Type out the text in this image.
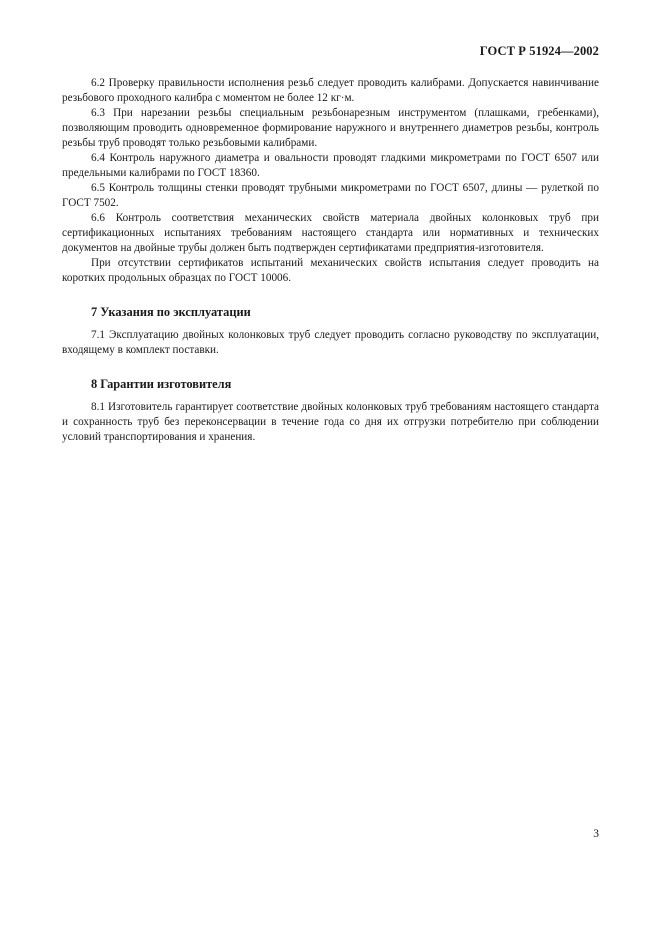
ГОСТ Р 51924—2002

6.2 Проверку правильности исполнения резьб следует проводить калибрами. Допускается навинчивание резьбового проходного калибра с моментом не более 12 кг·м.

6.3 При нарезании резьбы специальным резьбонарезным инструментом (плашками, гребенками), позволяющим проводить одновременное формирование наружного и внутреннего диаметров резьбы, контроль резьбы труб проводят только резьбовыми калибрами.

6.4 Контроль наружного диаметра и овальности проводят гладкими микрометрами по ГОСТ 6507 или предельными калибрами по ГОСТ 18360.

6.5 Контроль толщины стенки проводят трубными микрометрами по ГОСТ 6507, длины — рулеткой по ГОСТ 7502.

6.6 Контроль соответствия механических свойств материала двойных колонковых труб при сертификационных испытаниях требованиям настоящего стандарта или нормативных и технических документов на двойные трубы должен быть подтвержден сертификатами предприятия-изготовителя.

При отсутствии сертификатов испытаний механических свойств испытания следует проводить на коротких продольных образцах по ГОСТ 10006.

7 Указания по эксплуатации

7.1 Эксплуатацию двойных колонковых труб следует проводить согласно руководству по эксплуатации, входящему в комплект поставки.

8 Гарантии изготовителя

8.1 Изготовитель гарантирует соответствие двойных колонковых труб требованиям настоящего стандарта и сохранность труб без переконсервации в течение года со дня их отгрузки потребителю при соблюдении условий транспортирования и хранения.

3
